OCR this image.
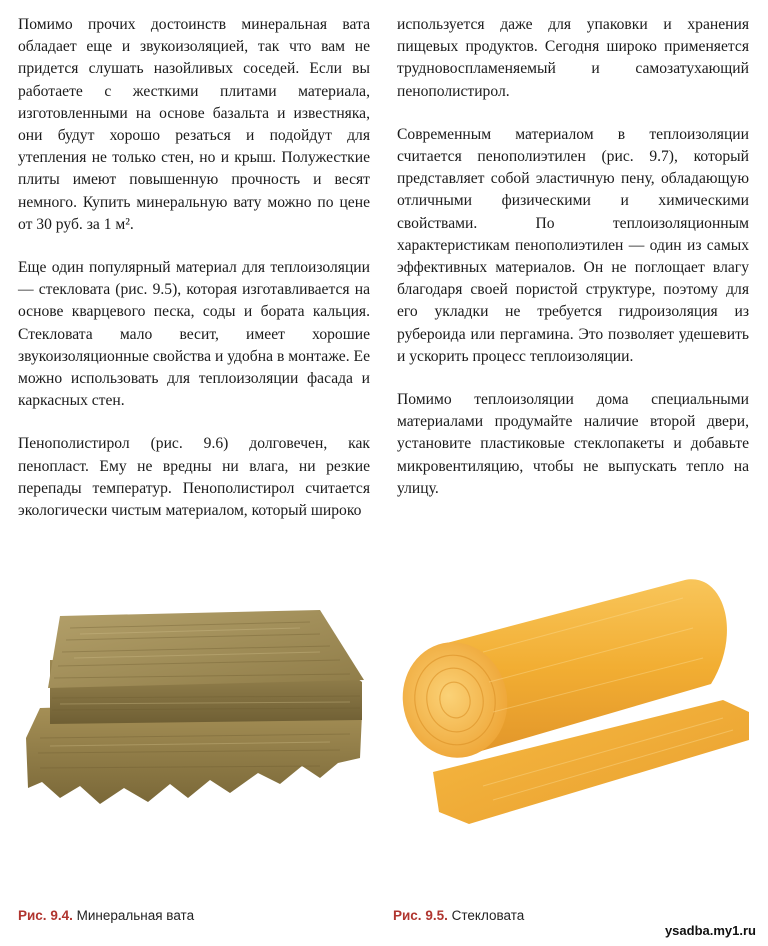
Помимо прочих достоинств минеральная вата обладает еще и звукоизоляцией, так что вам не придется слушать назойливых соседей. Если вы работаете с жесткими плитами материала, изготовленными на основе базальта и известняка, они будут хорошо резаться и подойдут для утепления не только стен, но и крыш. Полужесткие плиты имеют повышенную прочность и весят немного. Купить минеральную вату можно по цене от 30 руб. за 1 м².

Еще один популярный материал для теплоизоляции — стекловата (рис. 9.5), которая изготавливается на основе кварцевого песка, соды и бората кальция. Стекловата мало весит, имеет хорошие звукоизоляционные свойства и удобна в монтаже. Ее можно использовать для теплоизоляции фасада и каркасных стен.

Пенополистирол (рис. 9.6) долговечен, как пенопласт. Ему не вредны ни влага, ни резкие перепады температур. Пенополистирол считается экологически чистым материалом, который широко

используется даже для упаковки и хранения пищевых продуктов. Сегодня широко применяется трудновоспламеняемый и самозатухающий пенополистирол.

Современным материалом в теплоизоляции считается пенополиэтилен (рис. 9.7), который представляет собой эластичную пену, обладающую отличными физическими и химическими свойствами. По теплоизоляционным характеристикам пенополиэтилен — один из самых эффективных материалов. Он не поглощает влагу благодаря своей пористой структуре, поэтому для его укладки не требуется гидроизоляция из рубероида или пергамина. Это позволяет удешевить и ускорить процесс теплоизоляции.

Помимо теплоизоляции дома специальными материалами продумайте наличие второй двери, установите пластиковые стеклопакеты и добавьте микровентиляцию, чтобы не выпускать тепло на улицу.

Рис. 9.4. Минеральная вата	Рис. 9.5. Стекловата
ysadba.my1.ru
